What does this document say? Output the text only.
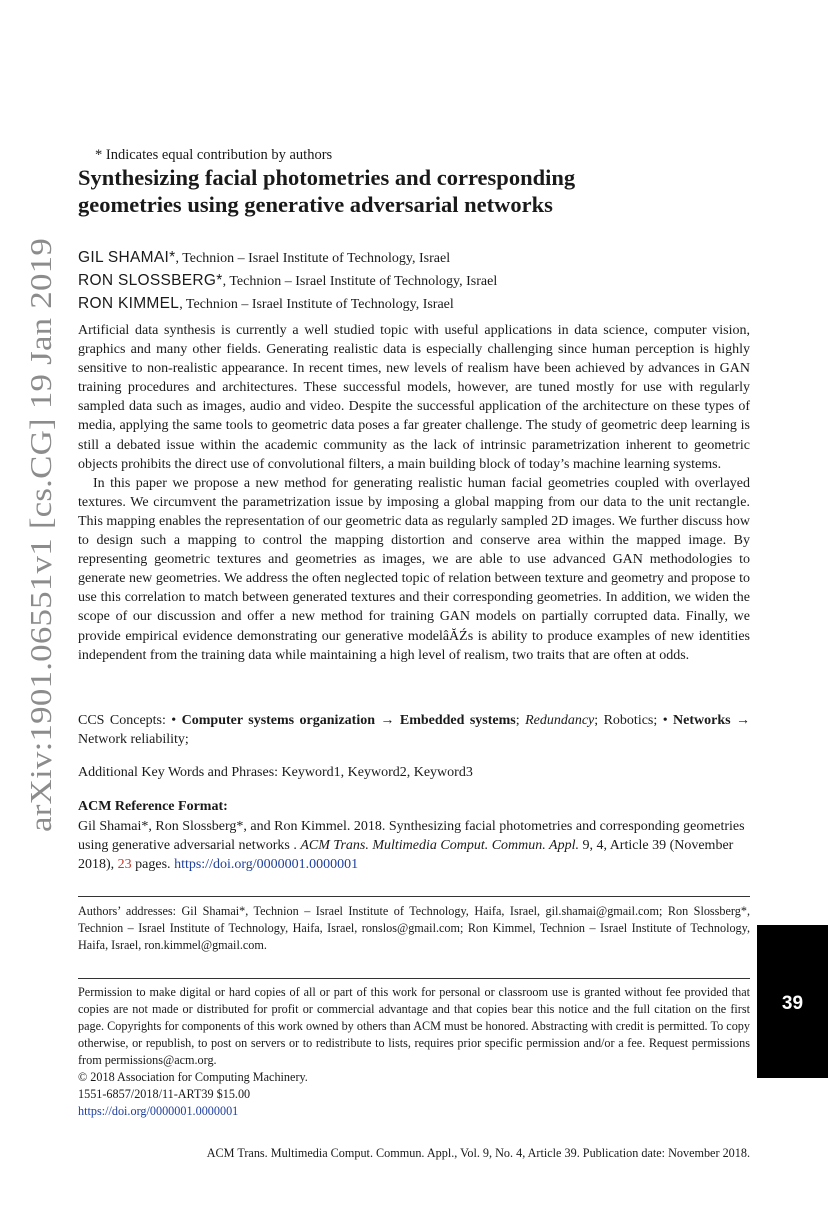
arXiv:1901.06551v1 [cs.CG] 19 Jan 2019
* Indicates equal contribution by authors
Synthesizing facial photometries and corresponding
geometries using generative adversarial networks
GIL SHAMAI*, Technion – Israel Institute of Technology, Israel
RON SLOSSBERG*, Technion – Israel Institute of Technology, Israel
RON KIMMEL, Technion – Israel Institute of Technology, Israel

Artificial data synthesis is currently a well studied topic with useful applications in data science, computer vision, graphics and many other fields. Generating realistic data is especially challenging since human perception is highly sensitive to non-realistic appearance. In recent times, new levels of realism have been achieved by advances in GAN training procedures and architectures. These successful models, however, are tuned mostly for use with regularly sampled data such as images, audio and video. Despite the successful application of the architecture on these types of media, applying the same tools to geometric data poses a far greater challenge. The study of geometric deep learning is still a debated issue within the academic community as the lack of intrinsic parametrization inherent to geometric objects prohibits the direct use of convolutional filters, a main building block of today’s machine learning systems.

In this paper we propose a new method for generating realistic human facial geometries coupled with overlayed textures. We circumvent the parametrization issue by imposing a global mapping from our data to the unit rectangle. This mapping enables the representation of our geometric data as regularly sampled 2D images. We further discuss how to design such a mapping to control the mapping distortion and conserve area within the mapped image. By representing geometric textures and geometries as images, we are able to use advanced GAN methodologies to generate new geometries. We address the often neglected topic of relation between texture and geometry and propose to use this correlation to match between generated textures and their corresponding geometries. In addition, we widen the scope of our discussion and offer a new method for training GAN models on partially corrupted data. Finally, we provide empirical evidence demonstrating our generative modelâĂŹs is ability to produce examples of new identities independent from the training data while maintaining a high level of realism, two traits that are often at odds.

CCS Concepts: • Computer systems organization → Embedded systems; Redundancy; Robotics; • Networks → Network reliability;
Additional Key Words and Phrases: Keyword1, Keyword2, Keyword3
ACM Reference Format:
Gil Shamai*, Ron Slossberg*, and Ron Kimmel. 2018. Synthesizing facial photometries and corresponding geometries using generative adversarial networks . ACM Trans. Multimedia Comput. Commun. Appl. 9, 4, Article 39 (November 2018), 23 pages. https://doi.org/0000001.0000001
Authors’ addresses: Gil Shamai*, Technion – Israel Institute of Technology, Haifa, Israel, gil.shamai@gmail.com; Ron Slossberg*, Technion – Israel Institute of Technology, Haifa, Israel, ronslos@gmail.com; Ron Kimmel, Technion – Israel Institute of Technology, Haifa, Israel, ron.kimmel@gmail.com.

Permission to make digital or hard copies of all or part of this work for personal or classroom use is granted without fee provided that copies are not made or distributed for profit or commercial advantage and that copies bear this notice and the full citation on the first page. Copyrights for components of this work owned by others than ACM must be honored. Abstracting with credit is permitted. To copy otherwise, or republish, to post on servers or to redistribute to lists, requires prior specific permission and/or a fee. Request permissions from permissions@acm.org.

© 2018 Association for Computing Machinery.

1551-6857/2018/11-ART39 $15.00

https://doi.org/0000001.0000001

39
ACM Trans. Multimedia Comput. Commun. Appl., Vol. 9, No. 4, Article 39. Publication date: November 2018.
